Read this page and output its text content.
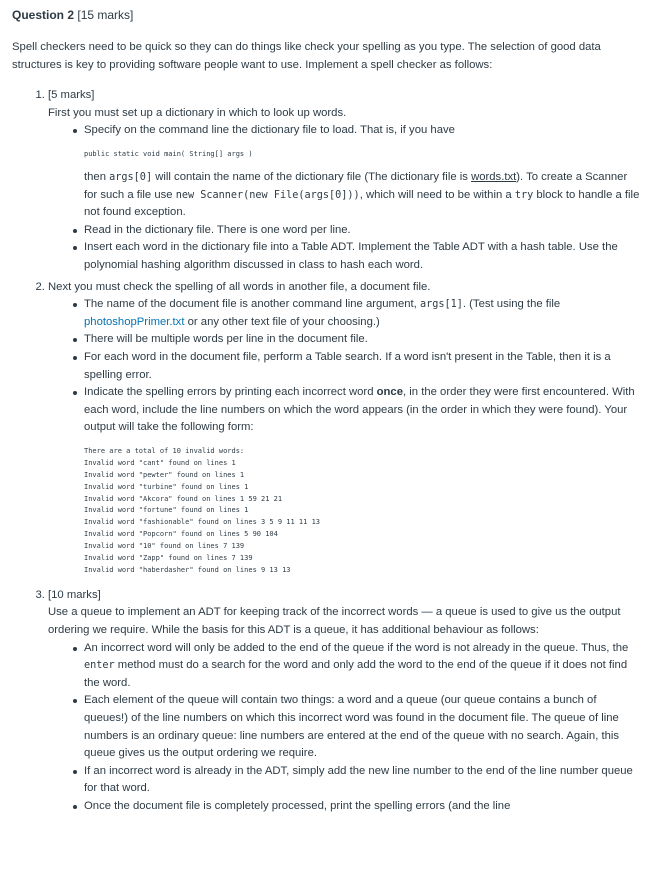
Question 2 [15 marks]

Spell checkers need to be quick so they can do things like check your spelling as you type. The selection of good data structures is key to providing software people want to use. Implement a spell checker as follows:

1. [5 marks]
First you must set up a dictionary in which to look up words.
Specify on the command line the dictionary file to load. That is, if you have
public static void main( String[] args )
then args[0] will contain the name of the dictionary file (The dictionary file is words.txt). To create a Scanner for such a file use new Scanner(new File(args[0])), which will need to be within a try block to handle a file not found exception.
Read in the dictionary file. There is one word per line.
Insert each word in the dictionary file into a Table ADT. Implement the Table ADT with a hash table. Use the polynomial hashing algorithm discussed in class to hash each word.
2. Next you must check the spelling of all words in another file, a document file.
The name of the document file is another command line argument, args[1]. (Test using the file photoshopPrimer.txt or any other text file of your choosing.)
There will be multiple words per line in the document file.
For each word in the document file, perform a Table search. If a word isn't present in the Table, then it is a spelling error.
Indicate the spelling errors by printing each incorrect word once, in the order they were first encountered. With each word, include the line numbers on which the word appears (in the order in which they were found). Your output will take the following form:
There are a total of 10 invalid words:
Invalid word "cant" found on lines 1
Invalid word "pewter" found on lines 1
Invalid word "turbine" found on lines 1
Invalid word "Akcora" found on lines 1 59 21 21
Invalid word "fortune" found on lines 1
Invalid word "fashionable" found on lines 3 5 9 11 11 13
Invalid word "Popcorn" found on lines 5 90 104
Invalid word "10" found on lines 7 139
Invalid word "Zapp" found on lines 7 139
Invalid word "haberdasher" found on lines 9 13 13
3. [10 marks]
Use a queue to implement an ADT for keeping track of the incorrect words — a queue is used to give us the output ordering we require. While the basis for this ADT is a queue, it has additional behaviour as follows:
An incorrect word will only be added to the end of the queue if the word is not already in the queue. Thus, the enter method must do a search for the word and only add the word to the end of the queue if it does not find the word.
Each element of the queue will contain two things: a word and a queue (our queue contains a bunch of queues!) of the line numbers on which this incorrect word was found in the document file. The queue of line numbers is an ordinary queue: line numbers are entered at the end of the queue with no search. Again, this queue gives us the output ordering we require.
If an incorrect word is already in the ADT, simply add the new line number to the end of the line number queue for that word.
Once the document file is completely processed, print the spelling errors (and the line
